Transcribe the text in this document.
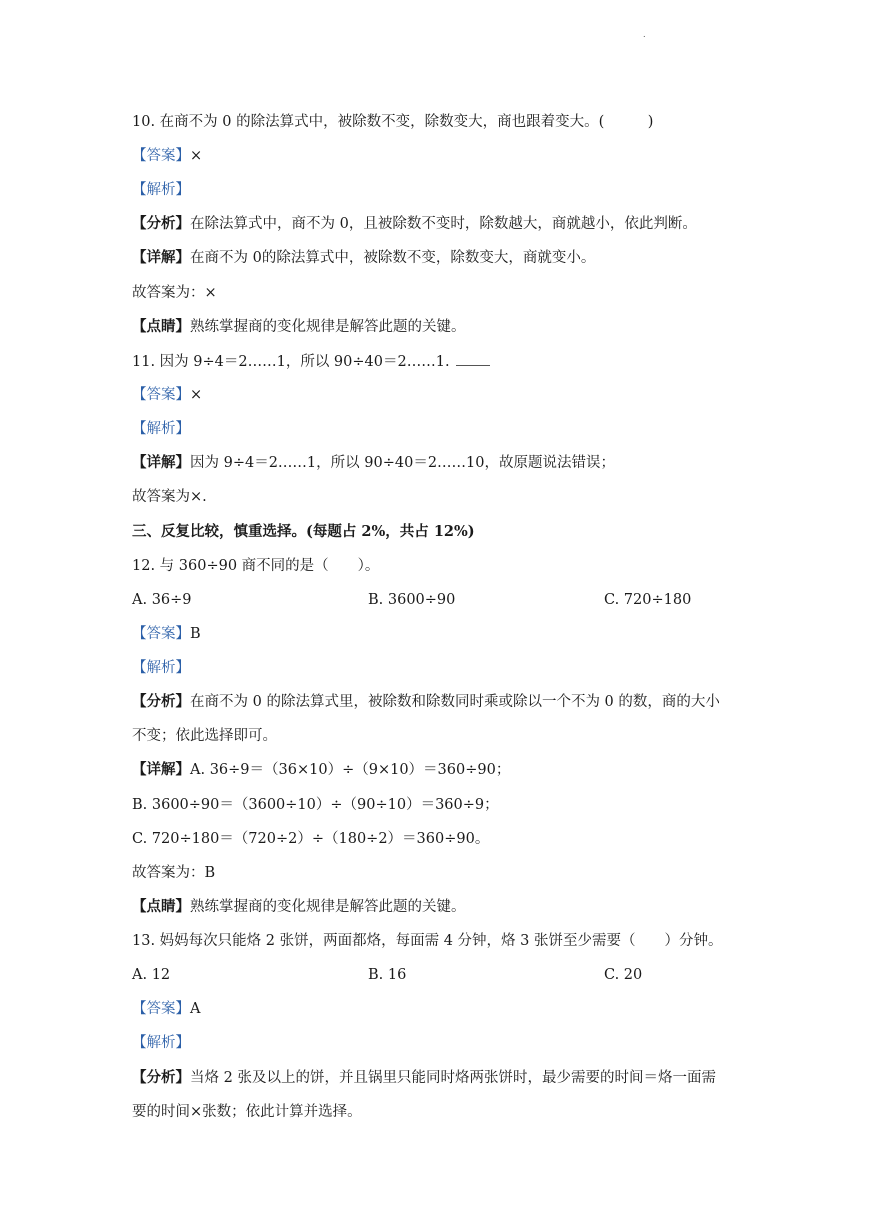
.
10. 在商不为 0 的除法算式中，被除数不变，除数变大，商也跟着变大。(　　　)
【答案】×
【解析】
【分析】在除法算式中，商不为 0，且被除数不变时，除数越大，商就越小，依此判断。
【详解】在商不为 0的除法算式中，被除数不变，除数变大，商就变小。
故答案为：×
【点睛】熟练掌握商的变化规律是解答此题的关键。
11. 因为 9÷4＝2……1，所以 90÷40＝2……1.
【答案】×
【解析】
【详解】因为 9÷4＝2……1，所以 90÷40＝2……10，故原题说法错误；
故答案为×.
三、反复比较，慎重选择。(每题占 2%，共占 12%)
12. 与 360÷90 商不同的是（　　）。
A. 36÷9	B. 3600÷90	C. 720÷180
【答案】B
【解析】
【分析】在商不为 0 的除法算式里，被除数和除数同时乘或除以一个不为 0 的数，商的大小
不变；依此选择即可。
【详解】A. 36÷9＝（36×10）÷（9×10）＝360÷90；
B. 3600÷90＝（3600÷10）÷（90÷10）＝360÷9；
C. 720÷180＝（720÷2）÷（180÷2）＝360÷90。
故答案为：B
【点睛】熟练掌握商的变化规律是解答此题的关键。
13. 妈妈每次只能烙 2 张饼，两面都烙，每面需 4 分钟，烙 3 张饼至少需要（　　）分钟。
A. 12	B. 16	C. 20
【答案】A
【解析】
【分析】当烙 2 张及以上的饼，并且锅里只能同时烙两张饼时，最少需要的时间＝烙一面需
要的时间×张数；依此计算并选择。
